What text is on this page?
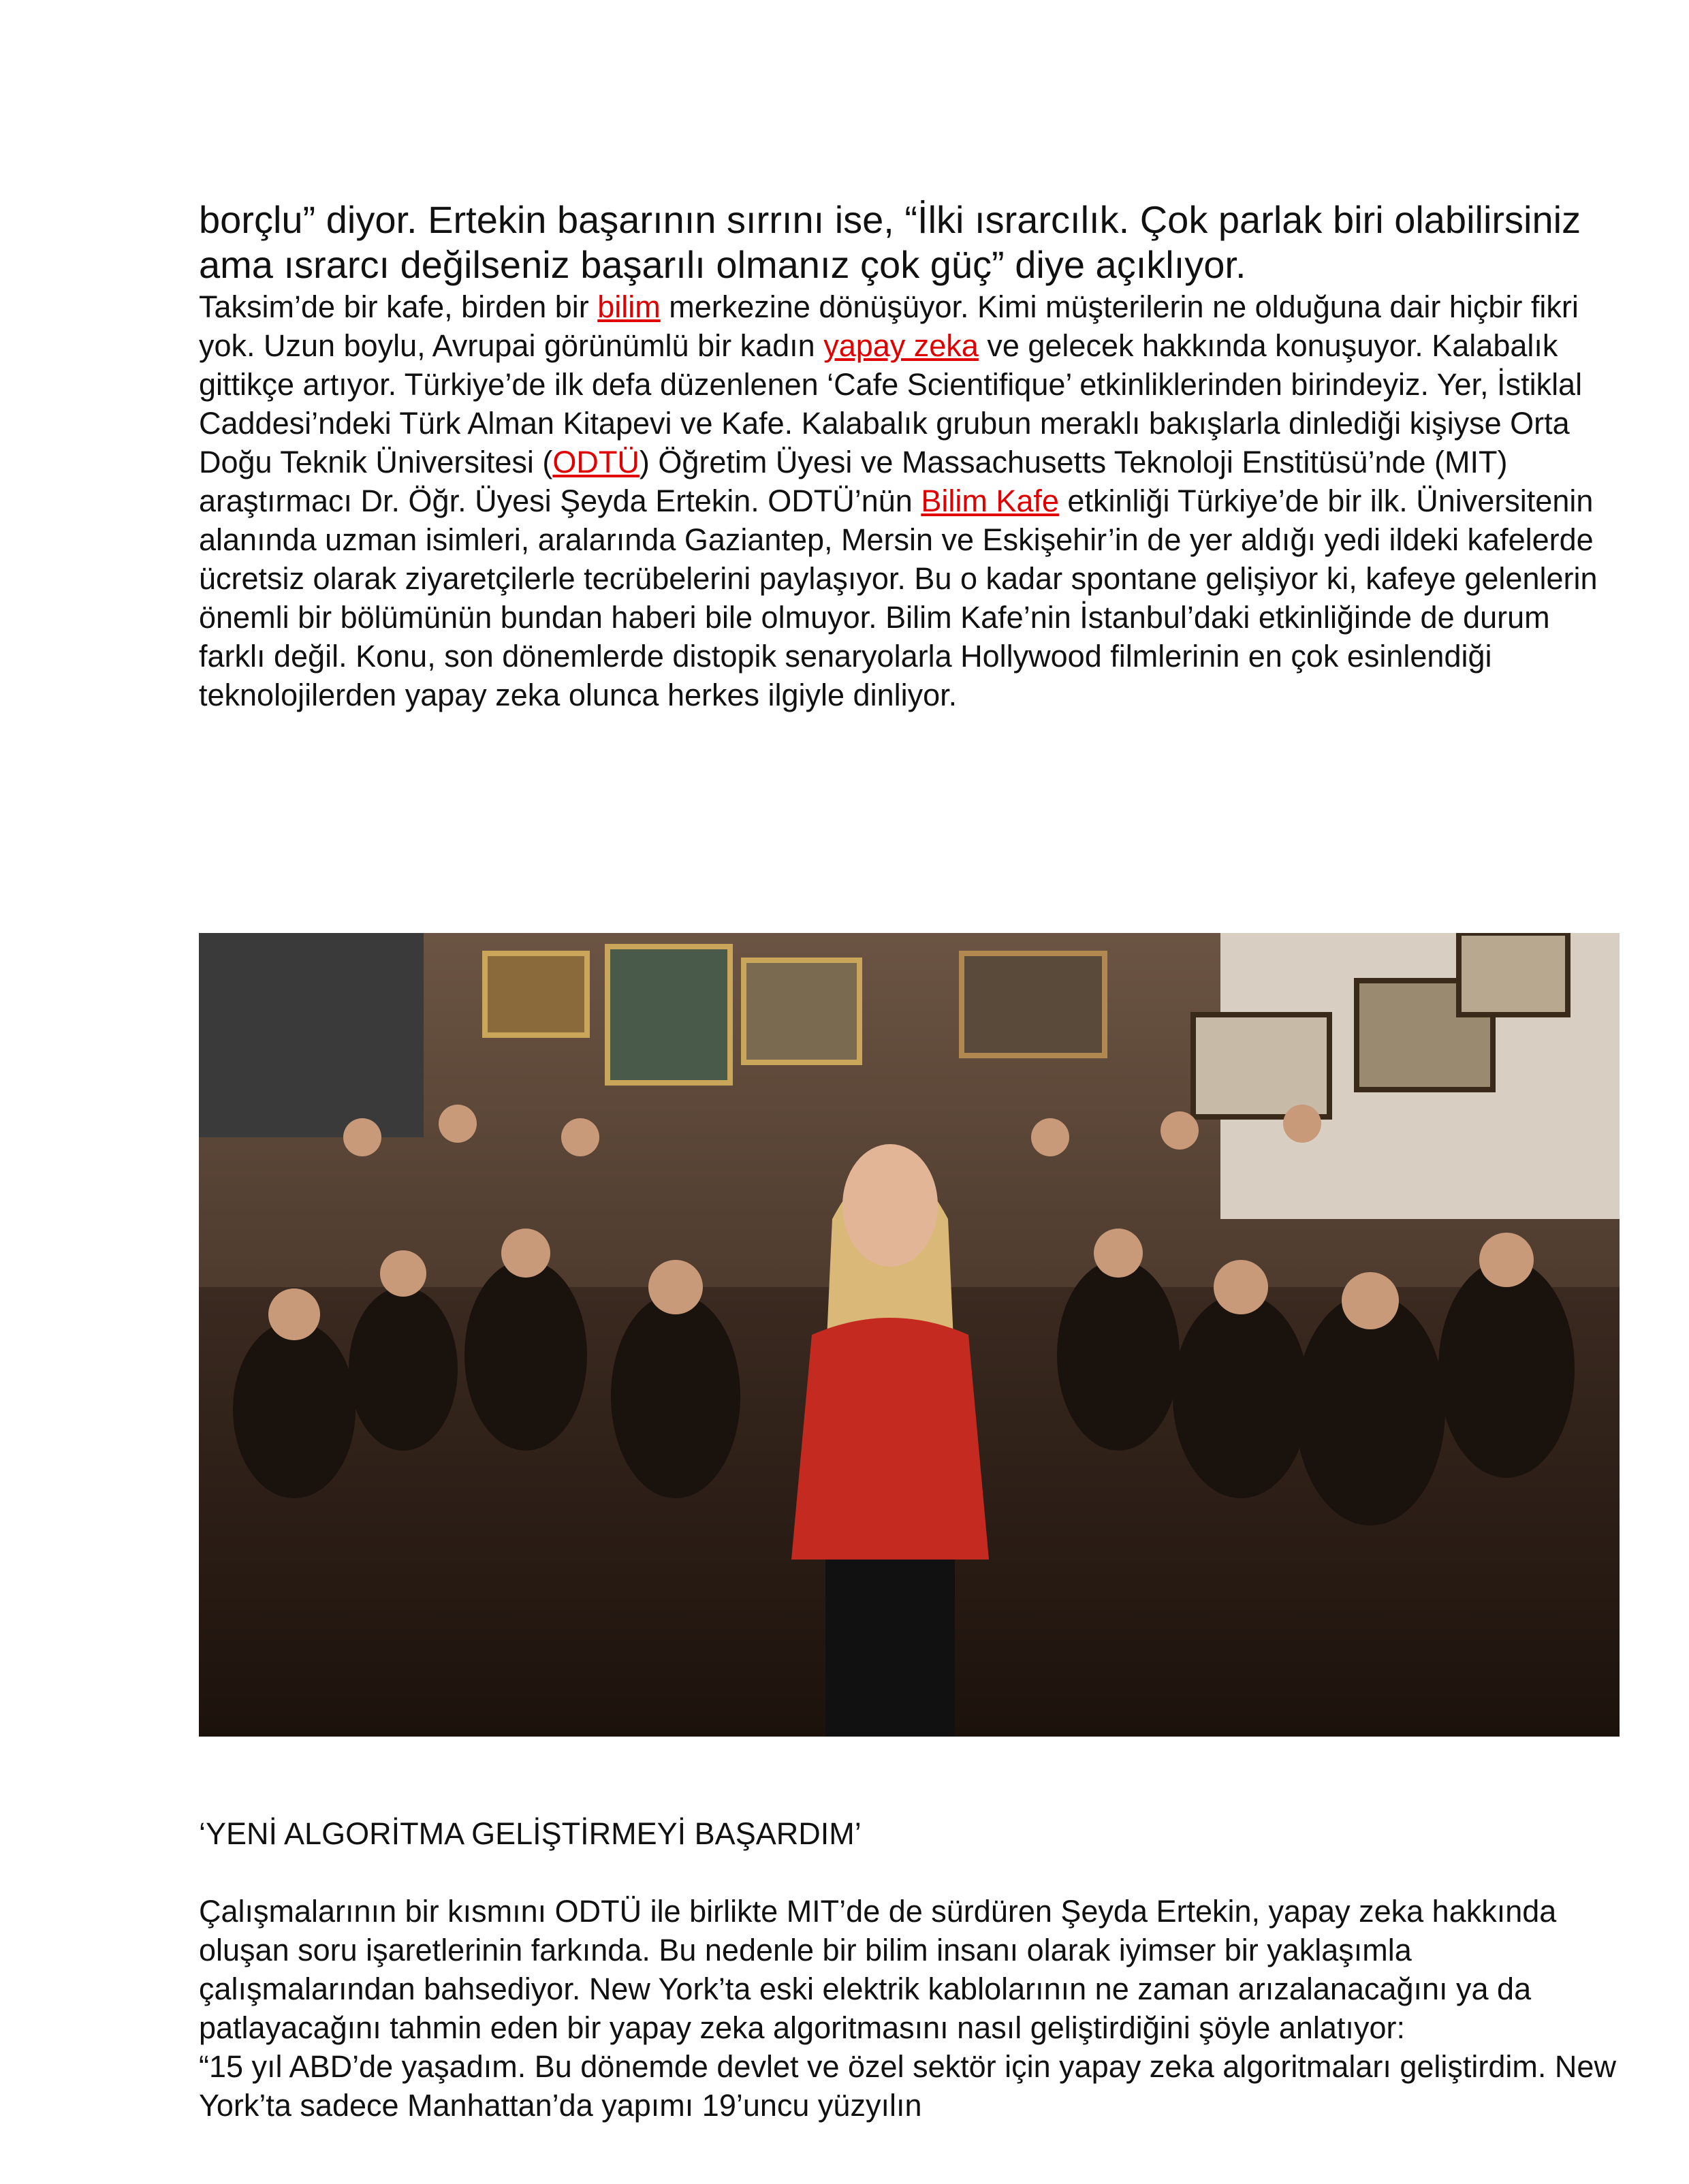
borçlu” diyor. Ertekin başarının sırrını ise, “İlki ısrarcılık. Çok parlak biri olabilirsiniz ama ısrarcı değilseniz başarılı olmanız çok güç” diye açıklıyor.

Taksim’de bir kafe, birden bir bilim merkezine dönüşüyor. Kimi müşterilerin ne olduğuna dair hiçbir fikri yok. Uzun boylu, Avrupai görünümlü bir kadın yapay zeka ve gelecek hakkında konuşuyor. Kalabalık gittikçe artıyor. Türkiye’de ilk defa düzenlenen ‘Cafe Scientifique’ etkinliklerinden birindeyiz. Yer, İstiklal Caddesi’ndeki Türk Alman Kitapevi ve Kafe. Kalabalık grubun meraklı bakışlarla dinlediği kişiyse Orta Doğu Teknik Üniversitesi (ODTÜ) Öğretim Üyesi ve Massachusetts Teknoloji Enstitüsü’nde (MIT) araştırmacı Dr. Öğr. Üyesi Şeyda Ertekin. ODTÜ’nün Bilim Kafe etkinliği Türkiye’de bir ilk. Üniversitenin alanında uzman isimleri, aralarında Gaziantep, Mersin ve Eskişehir’in de yer aldığı yedi ildeki kafelerde ücretsiz olarak ziyaretçilerle tecrübelerini paylaşıyor. Bu o kadar spontane gelişiyor ki, kafeye gelenlerin önemli bir bölümünün bundan haberi bile olmuyor. Bilim Kafe’nin İstanbul’daki etkinliğinde de durum farklı değil. Konu, son dönemlerde distopik senaryolarla Hollywood filmlerinin en çok esinlendiği teknolojilerden yapay zeka olunca herkes ilgiyle dinliyor.

‘YENİ ALGORİTMA GELİŞTİRMEYİ BAŞARDIM’

Çalışmalarının bir kısmını ODTÜ ile birlikte MIT’de de sürdüren Şeyda Ertekin, yapay zeka hakkında oluşan soru işaretlerinin farkında. Bu nedenle bir bilim insanı olarak iyimser bir yaklaşımla çalışmalarından bahsediyor. New York’ta eski elektrik kablolarının ne zaman arızalanacağını ya da patlayacağını tahmin eden bir yapay zeka algoritmasını nasıl geliştirdiğini şöyle anlatıyor:

“15 yıl ABD’de yaşadım. Bu dönemde devlet ve özel sektör için yapay zeka algoritmaları geliştirdim. New York’ta sadece Manhattan’da yapımı 19’uncu yüzyılın
